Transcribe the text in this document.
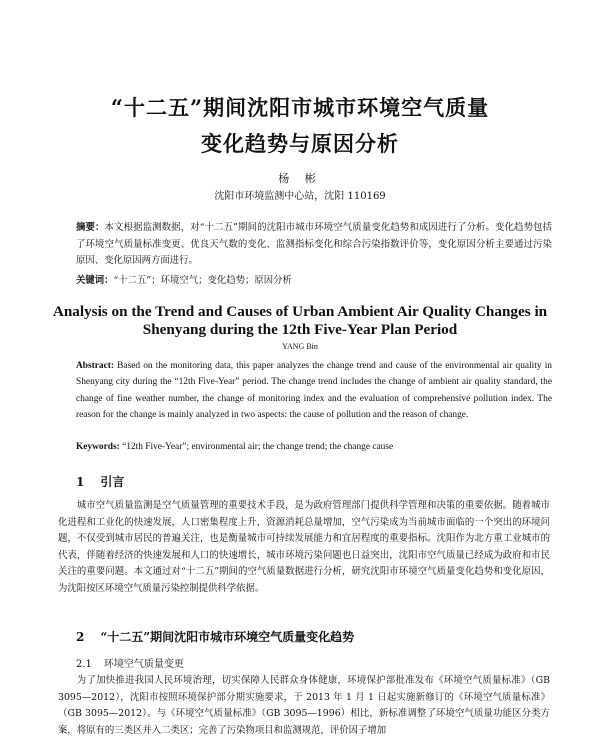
“十二五”期间沈阳市城市环境空气质量
变化趋势与原因分析
杨 彬
沈阳市环境监测中心站，沈阳 110169
摘要：本文根据监测数据，对“十二五”期间的沈阳市城市环境空气质量变化趋势和成因进行了分析。变化趋势包括了环境空气质量标准变更、优良天气数的变化、监测指标变化和综合污染指数评价等，变化原因分析主要通过污染原因、变化原因两方面进行。
关键词：“十二五”；环境空气；变化趋势；原因分析
Analysis on the Trend and Causes of Urban Ambient Air Quality Changes in
Shenyang during the 12th Five-Year Plan Period
YANG Bin
Abstract: Based on the monitoring data, this paper analyzes the change trend and cause of the environmental air quality in Shenyang city during the “12th Five-Year” period. The change trend includes the change of ambient air quality standard, the change of fine weather number, the change of monitoring index and the evaluation of comprehensive pollution index. The reason for the change is mainly analyzed in two aspects: the cause of pollution and the reason of change.
Keywords: “12th Five-Year”; environmental air; the change trend; the change cause
1 引言
城市空气质量监测是空气质量管理的重要技术手段，是为政府管理部门提供科学管理和决策的重要依据。随着城市化进程和工业化的快速发展，人口密集程度上升，资源消耗总量增加，空气污染成为当前城市面临的一个突出的环境问题，不仅受到城市居民的普遍关注，也是衡量城市可持续发展能力和宜居程度的重要指标。沈阳作为北方重工业城市的代表，伴随着经济的快速发展和人口的快速增长，城市环境污染问题也日益突出，沈阳市空气质量已经成为政府和市民关注的重要问题。本文通过对“十二五”期间的空气质量数据进行分析，研究沈阳市环境空气质量变化趋势和变化原因，为沈阳按区环境空气质量污染控制提供科学依据。
2 “十二五”期间沈阳市城市环境空气质量变化趋势
2.1 环境空气质量变更
为了加快推进我国人民环境治理，切实保障人民群众身体健康，环境保护部批准发布《环境空气质量标准》（GB 3095—2012），沈阳市按照环境保护部分期实施要求，于 2013 年 1 月 1 日起实施新修订的《环境空气质量标准》（GB 3095—2012）。与《环境空气质量标准》（GB 3095—1996）相比，新标准调整了环境空气质量功能区分类方案，将原有的三类区并入二类区；完善了污染物项目和监测规范，评价因子增加
